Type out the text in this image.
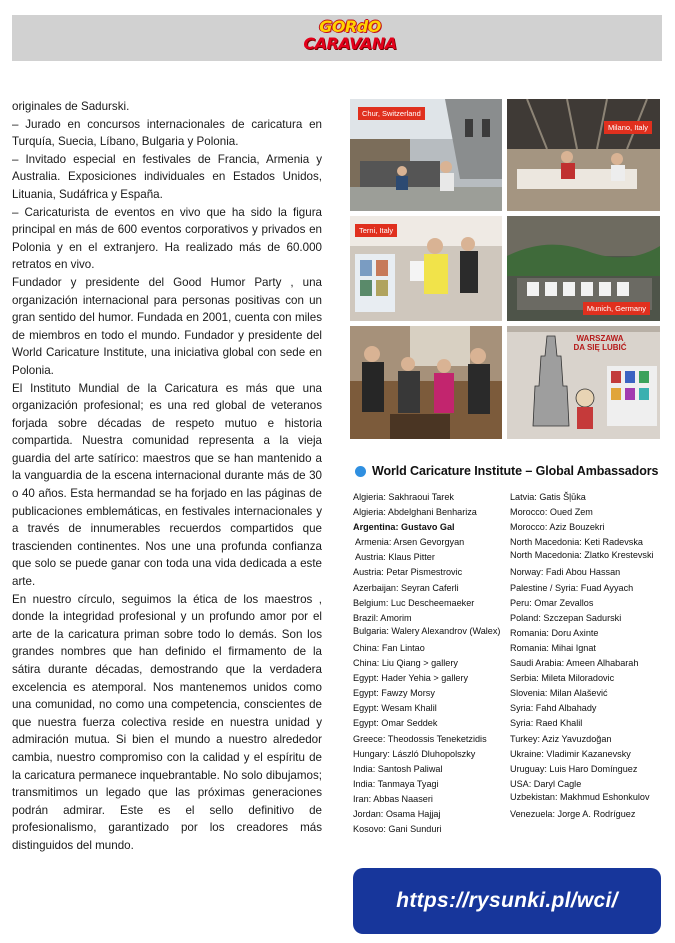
GORdO
CARAVANA

originales de Sadurski.

– Jurado en concursos internacionales de caricatura en Turquía, Suecia, Líbano, Bulgaria y Polonia.

– Invitado especial en festivales de Francia, Armenia y Australia. Exposiciones individuales en Estados Unidos, Lituania, Sudáfrica y España.

– Caricaturista de eventos en vivo que ha sido la figura principal en más de 600 eventos corporativos y privados en Polonia y en el extranjero. Ha realizado más de 60.000 retratos en vivo.

Fundador y presidente del Good Humor Party , una organización internacional para personas positivas con un gran sentido del humor. Fundada en 2001, cuenta con miles de miembros en todo el mundo. Fundador y presidente del World Caricature Institute, una iniciativa global con sede en Polonia.

El Instituto Mundial de la Caricatura es más que una organización profesional; es una red global de veteranos forjada sobre décadas de respeto mutuo e historia compartida. Nuestra comunidad representa a la vieja guardia del arte satírico: maestros que se han mantenido a la vanguardia de la escena internacional durante más de 30 o 40 años. Esta hermandad se ha forjado en las páginas de publicaciones emblemáticas, en festivales internacionales y a través de innumerables recuerdos compartidos que trascienden continentes. Nos une una profunda confianza que solo se puede ganar con toda una vida dedicada a este arte.

En nuestro círculo, seguimos la ética de los maestros , donde la integridad profesional y un profundo amor por el arte de la caricatura priman sobre todo lo demás. Son los grandes nombres que han definido el firmamento de la sátira durante décadas, demostrando que la verdadera excelencia es atemporal. Nos mantenemos unidos como una comunidad, no como una competencia, conscientes de que nuestra fuerza colectiva reside en nuestra unidad y admiración mutua. Si bien el mundo a nuestro alrededor cambia, nuestro compromiso con la calidad y el espíritu de la caricatura permanece inquebrantable. No solo dibujamos; transmitimos un legado que las próximas generaciones podrán admirar. Este es el sello definitivo de profesionalismo, garantizado por los creadores más distinguidos del mundo.

Chur, Switzerland
Milano, Italy
Terni, Italy
Munich, Germany
WARSZAWA DA SIĘ LUBIĆ
World Caricature Institute – Global Ambassadors
Algieria: Sakhraoui Tarek
Algieria: Abdelghani Benhariza
Argentina: Gustavo Gal
Armenia: Arsen Gevorgyan
Austria: Klaus Pitter
Austria: Petar Pismestrovic
Azerbaijan: Seyran Caferli
Belgium: Luc Descheemaeker
Brazil: Amorim
Bulgaria: Walery Alexandrov (Walex)
China: Fan Lintao
China: Liu Qiang > gallery
Egypt: Hader Yehia > gallery
Egypt: Fawzy Morsy
Egypt: Wesam Khalil
Egypt: Omar Seddek
Greece: Theodossis Teneketzidis
Hungary: László Dluhopolszky
India: Santosh Paliwal
India: Tanmaya Tyagi
Iran: Abbas Naaseri
Jordan: Osama Hajjaj
Kosovo: Gani Sunduri
Latvia: Gatis Šļūka
Morocco: Oued Zem
Morocco: Aziz Bouzekri
North Macedonia: Keti Radevska
North Macedonia: Zlatko Krestevski
Norway: Fadi Abou Hassan
Palestine / Syria: Fuad Ayyach
Peru: Omar Zevallos
Poland: Szczepan Sadurski
Romania: Doru Axinte
Romania: Mihai Ignat
Saudi Arabia: Ameen Alhabarah
Serbia: Mileta Miloradovic
Slovenia: Milan Alašević
Syria: Fahd Albahady
Syria: Raed Khalil
Turkey: Aziz Yavuzdoğan
Ukraine: Vladimir Kazanevsky
Uruguay: Luis Haro Domínguez
USA: Daryl Cagle
Uzbekistan: Makhmud Eshonkulov
Venezuela: Jorge A. Rodríguez
https://rysunki.pl/wci/
